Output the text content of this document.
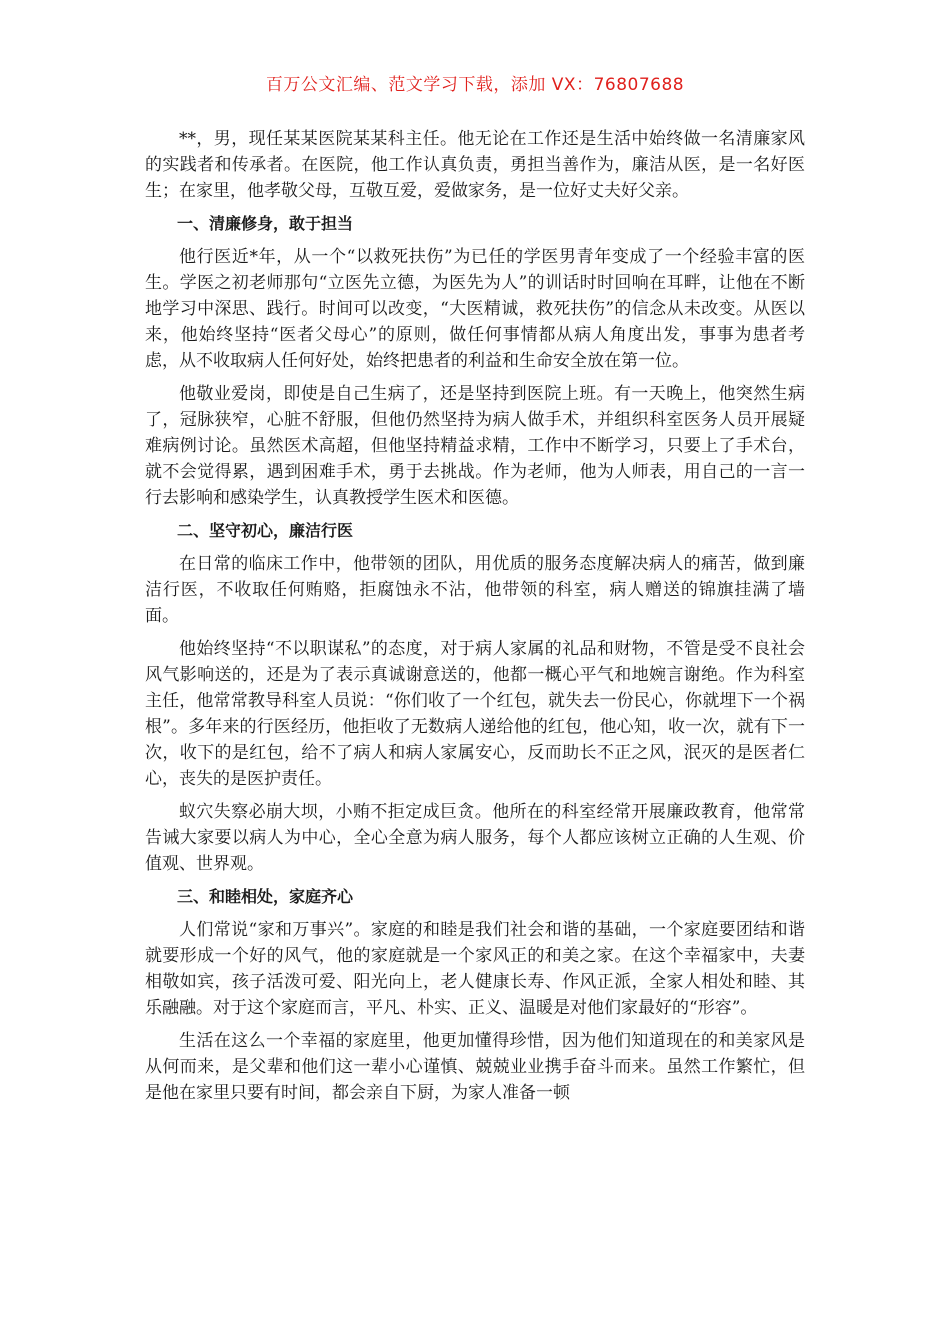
百万公文汇编、范文学习下载，添加 VX：76807688

**，男，现任某某医院某某科主任。他无论在工作还是生活中始终做一名清廉家风的实践者和传承者。在医院，他工作认真负责，勇担当善作为，廉洁从医，是一名好医生；在家里，他孝敬父母，互敬互爱，爱做家务，是一位好丈夫好父亲。

一、清廉修身，敢于担当

他行医近*年，从一个“以救死扶伤”为已任的学医男青年变成了一个经验丰富的医生。学医之初老师那句“立医先立德，为医先为人”的训话时时回响在耳畔，让他在不断地学习中深思、践行。时间可以改变，“大医精诚，救死扶伤”的信念从未改变。从医以来，他始终坚持“医者父母心”的原则，做任何事情都从病人角度出发，事事为患者考虑，从不收取病人任何好处，始终把患者的利益和生命安全放在第一位。

他敬业爱岗，即使是自己生病了，还是坚持到医院上班。有一天晚上，他突然生病了，冠脉狭窄，心脏不舒服，但他仍然坚持为病人做手术，并组织科室医务人员开展疑难病例讨论。虽然医术高超，但他坚持精益求精，工作中不断学习，只要上了手术台，就不会觉得累，遇到困难手术，勇于去挑战。作为老师，他为人师表，用自己的一言一行去影响和感染学生，认真教授学生医术和医德。

二、坚守初心，廉洁行医

在日常的临床工作中，他带领的团队，用优质的服务态度解决病人的痛苦，做到廉洁行医，不收取任何贿赂，拒腐蚀永不沾，他带领的科室，病人赠送的锦旗挂满了墙面。

他始终坚持“不以职谋私”的态度，对于病人家属的礼品和财物，不管是受不良社会风气影响送的，还是为了表示真诚谢意送的，他都一概心平气和地婉言谢绝。作为科室主任，他常常教导科室人员说：“你们收了一个红包，就失去一份民心，你就埋下一个祸根”。多年来的行医经历，他拒收了无数病人递给他的红包，他心知，收一次，就有下一次，收下的是红包，给不了病人和病人家属安心，反而助长不正之风，泯灭的是医者仁心，丧失的是医护责任。

蚁穴失察必崩大坝，小贿不拒定成巨贪。他所在的科室经常开展廉政教育，他常常告诫大家要以病人为中心，全心全意为病人服务，每个人都应该树立正确的人生观、价值观、世界观。

三、和睦相处，家庭齐心

人们常说“家和万事兴”。家庭的和睦是我们社会和谐的基础，一个家庭要团结和谐就要形成一个好的风气，他的家庭就是一个家风正的和美之家。在这个幸福家中，夫妻相敬如宾，孩子活泼可爱、阳光向上，老人健康长寿、作风正派，全家人相处和睦、其乐融融。对于这个家庭而言，平凡、朴实、正义、温暖是对他们家最好的“形容”。

生活在这么一个幸福的家庭里，他更加懂得珍惜，因为他们知道现在的和美家风是从何而来，是父辈和他们这一辈小心谨慎、兢兢业业携手奋斗而来。虽然工作繁忙，但是他在家里只要有时间，都会亲自下厨，为家人准备一顿
